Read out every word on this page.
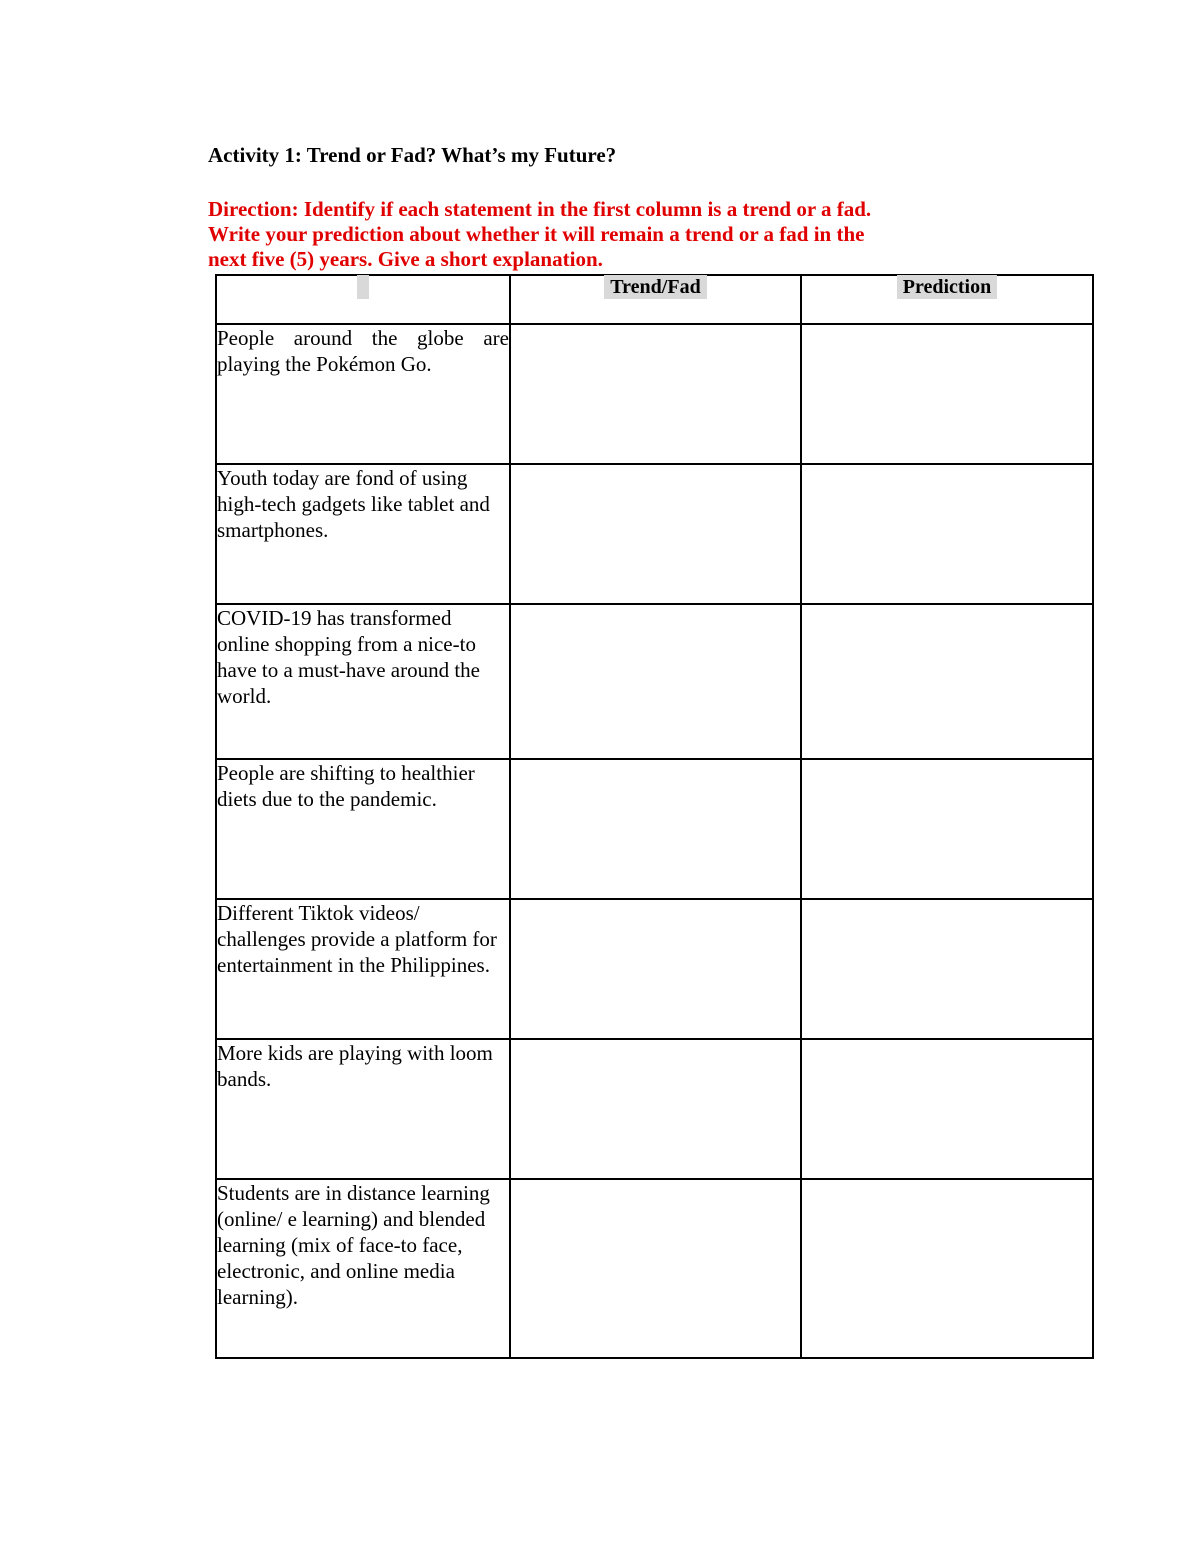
Activity 1: Trend or Fad? What’s my Future?
Direction: Identify if each statement in the first column is a trend or a fad.
Write your prediction about whether it will remain a trend or a fad in the
next five (5) years. Give a short explanation.
	Trend/Fad	Prediction
People around the globe are playing the Pokémon Go.		
Youth today are fond of using high-tech gadgets like tablet and smartphones.		
COVID-19 has transformed online shopping from a nice-to have to a must-have around the world.		
People are shifting to healthier diets due to the pandemic.		
Different Tiktok videos/ challenges provide a platform for entertainment in the Philippines.		
More kids are playing with loom bands.		
Students are in distance learning (online/ e learning) and blended learning (mix of face-to face, electronic, and online media learning).		
